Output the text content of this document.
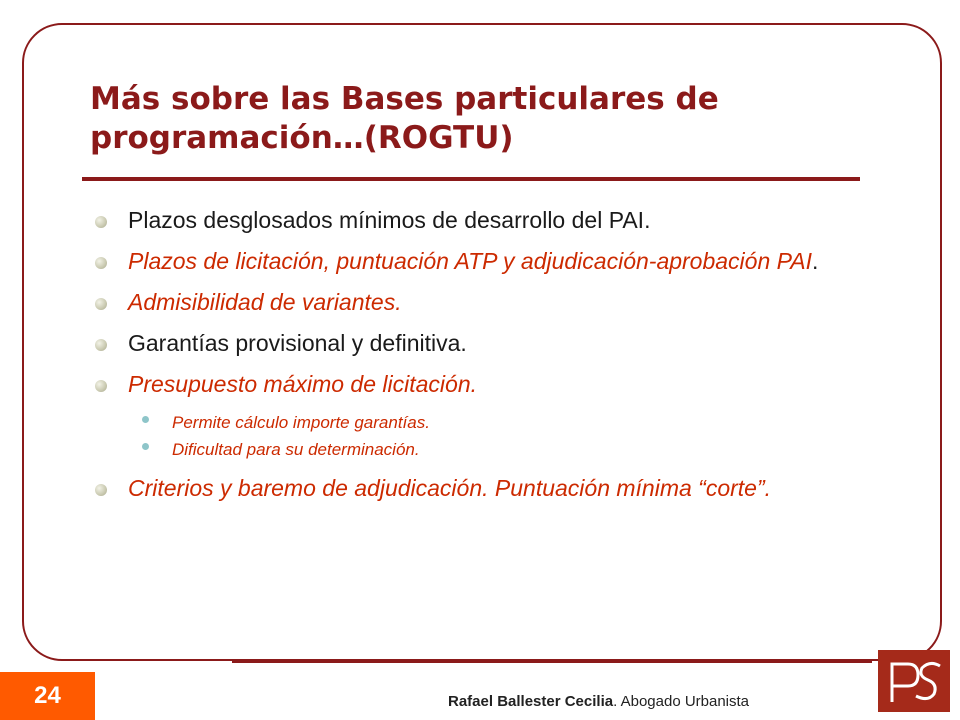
Más sobre las Bases particulares de
programación…(ROGTU)
Plazos desglosados mínimos de desarrollo del PAI.
Plazos de licitación, puntuación ATP y adjudicación-aprobación PAI.
Admisibilidad de variantes.
Garantías provisional y definitiva.
Presupuesto máximo de licitación.
Permite cálculo importe garantías.
Dificultad para su determinación.
Criterios y baremo de adjudicación. Puntuación mínima “corte”.
24	Rafael Ballester Cecilia. Abogado Urbanista
